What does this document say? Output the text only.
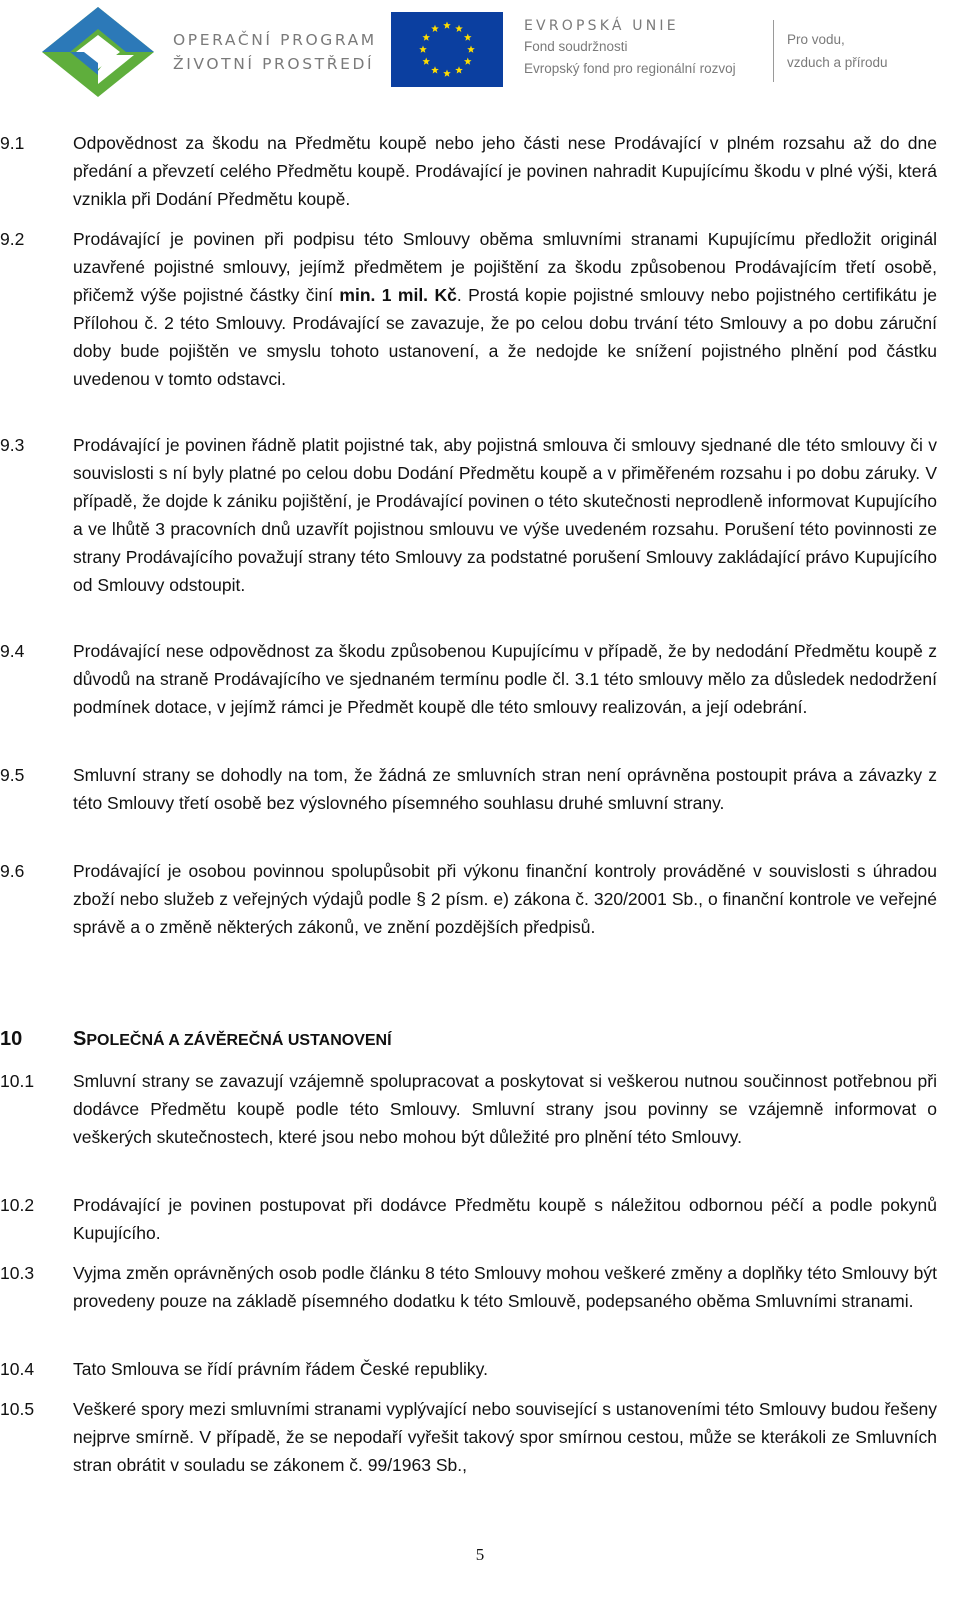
OPERAČNÍ PROGRAM
ŽIVOTNÍ PROSTŘEDÍ
EVROPSKÁ UNIE
Fond soudržnosti
Evropský fond pro regionální rozvoj
Pro vodu,
vzduch a přírodu
9.1	Odpovědnost za škodu na Předmětu koupě nebo jeho části nese Prodávající v plném rozsahu až do dne předání a převzetí celého Předmětu koupě. Prodávající je povinen nahradit Kupujícímu škodu v plné výši, která vznikla při Dodání Předmětu koupě.
9.2	Prodávající je povinen při podpisu této Smlouvy oběma smluvními stranami Kupujícímu předložit originál uzavřené pojistné smlouvy, jejímž předmětem je pojištění za škodu způsobenou Prodávajícím třetí osobě, přičemž výše pojistné částky činí min. 1 mil. Kč. Prostá kopie pojistné smlouvy nebo pojistného certifikátu je Přílohou č. 2 této Smlouvy. Prodávající se zavazuje, že po celou dobu trvání této Smlouvy a po dobu záruční doby bude pojištěn ve smyslu tohoto ustanovení, a že nedojde ke snížení pojistného plnění pod částku uvedenou v tomto odstavci.
9.3	Prodávající je povinen řádně platit pojistné tak, aby pojistná smlouva či smlouvy sjednané dle této smlouvy či v souvislosti s ní byly platné po celou dobu Dodání Předmětu koupě a v přiměřeném rozsahu i po dobu záruky. V případě, že dojde k zániku pojištění, je Prodávající povinen o této skutečnosti neprodleně informovat Kupujícího a ve lhůtě 3 pracovních dnů uzavřít pojistnou smlouvu ve výše uvedeném rozsahu. Porušení této povinnosti ze strany Prodávajícího považují strany této Smlouvy za podstatné porušení Smlouvy zakládající právo Kupujícího od Smlouvy odstoupit.
9.4	Prodávající nese odpovědnost za škodu způsobenou Kupujícímu v případě, že by nedodání Předmětu koupě z důvodů na straně Prodávajícího ve sjednaném termínu podle čl. 3.1 této smlouvy mělo za důsledek nedodržení podmínek dotace, v jejímž rámci je Předmět koupě dle této smlouvy realizován, a její odebrání.
9.5	Smluvní strany se dohodly na tom, že žádná ze smluvních stran není oprávněna postoupit práva a závazky z této Smlouvy třetí osobě bez výslovného písemného souhlasu druhé smluvní strany.
9.6	Prodávající je osobou povinnou spolupůsobit při výkonu finanční kontroly prováděné v souvislosti s úhradou zboží nebo služeb z veřejných výdajů podle § 2 písm. e) zákona č. 320/2001 Sb., o finanční kontrole ve veřejné správě a o změně některých zákonů, ve znění pozdějších předpisů.
10	SPOLEČNÁ A ZÁVĚREČNÁ USTANOVENÍ
10.1 Smluvní strany se zavazují vzájemně spolupracovat a poskytovat si veškerou nutnou součinnost potřebnou při dodávce Předmětu koupě podle této Smlouvy. Smluvní strany jsou povinny se vzájemně informovat o veškerých skutečnostech, které jsou nebo mohou být důležité pro plnění této Smlouvy.
10.2 Prodávající je povinen postupovat při dodávce Předmětu koupě s náležitou odbornou péčí a podle pokynů Kupujícího.
10.3 Vyjma změn oprávněných osob podle článku 8 této Smlouvy mohou veškeré změny a doplňky této Smlouvy být provedeny pouze na základě písemného dodatku k této Smlouvě, podepsaného oběma Smluvními stranami.
10.4 Tato Smlouva se řídí právním řádem České republiky.
10.5 Veškeré spory mezi smluvními stranami vyplývající nebo související s ustanoveními této Smlouvy budou řešeny nejprve smírně. V případě, že se nepodaří vyřešit takový spor smírnou cestou, může se kterákoli ze Smluvních stran obrátit v souladu se zákonem č. 99/1963 Sb.,
5
